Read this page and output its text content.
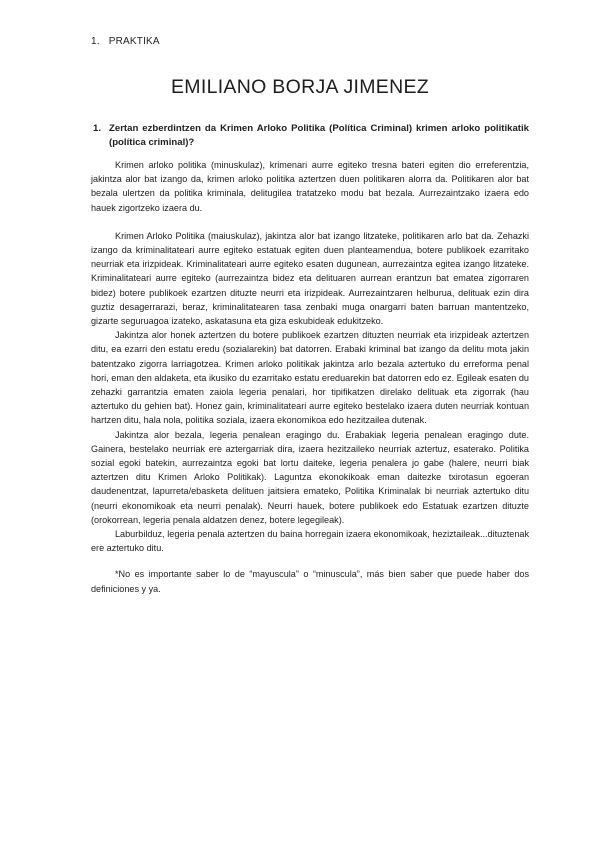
1. PRAKTIKA
EMILIANO BORJA JIMENEZ
1. Zertan ezberdintzen da Krimen Arloko Politika (Política Criminal) krimen arloko politikatik (política criminal)?

Krimen arloko politika (minuskulaz), krimenari aurre egiteko tresna bateri egiten dio erreferentzia, jakintza alor bat izango da, krimen arloko politika aztertzen duen politikaren alorra da. Politikaren alor bat bezala ulertzen da politika kriminala, delitugilea tratatzeko modu bat bezala. Aurrezaintzako izaera edo hauek zigortzeko izaera du.

Krimen Arloko Politika (maiuskulaz), jakintza alor bat izango litzateke, politikaren arlo bat da. Zehazki izango da kriminalitateari aurre egiteko estatuak egiten duen planteamendua, botere publikoek ezarritako neurriak eta irizpideak. Kriminalitateari aurre egiteko esaten dugunean, aurrezaintza egitea izango litzateke. Kriminalitateari aurre egiteko (aurrezaintza bidez eta delituaren aurrean erantzun bat ematea zigorraren bidez) botere publikoek ezartzen dituzte neurri eta irizpideak. Aurrezaintzaren helburua, delituak ezin dira guztiz desagerrarazi, beraz, kriminalitatearen tasa zenbaki muga onargarri baten barruan mantentzeko, gizarte seguruagoa izateko, askatasuna eta giza eskubideak edukitzeko.

Jakintza alor honek aztertzen du botere publikoek ezartzen dituzten neurriak eta irizpideak aztertzen ditu, ea ezarri den estatu eredu (sozialarekin) bat datorren. Erabaki kriminal bat izango da delitu mota jakin batentzako zigorra larriagotzea. Krimen arloko politikak jakintza arlo bezala aztertuko du erreforma penal hori, eman den aldaketa, eta ikusiko du ezarritako estatu ereduarekin bat datorren edo ez. Egileak esaten du zehazki garrantzia ematen zaiola legeria penalari, hor tipifikatzen direlako delituak eta zigorrak (hau aztertuko du gehien bat). Honez gain, kriminalitateari aurre egiteko bestelako izaera duten neurriak kontuan hartzen ditu, hala nola, politika soziala, izaera ekonomikoa edo hezitzailea dutenak.

Jakintza alor bezala, legeria penalean eragingo du. Erabakiak legeria penalean eragingo dute. Gainera, bestelako neurriak ere aztergarriak dira, izaera hezitzaileko neurriak aztertuz, esaterako. Politika sozial egoki batekin, aurrezaintza egoki bat lortu daiteke, legeria penalera jo gabe (halere, neurri biak aztertzen ditu Krimen Arloko Politikak). Laguntza ekonokikoak eman daitezke txirotasun egoeran daudenentzat, lapurreta/ebasketa delituen jaitsiera emateko, Politika Kriminalak bi neurriak aztertuko ditu (neurri ekonomikoak eta neurri penalak). Neurri hauek, botere publikoek edo Estatuak ezartzen dituzte (orokorrean, legeria penala aldatzen denez, botere legegileak).

Laburbilduz, legeria penala aztertzen du baina horregain izaera ekonomikoak, heziztaileak...dituztenak ere aztertuko ditu.

*No es importante saber lo de “mayuscula” o “minuscula”, más bien saber que puede haber dos definiciones y ya.
